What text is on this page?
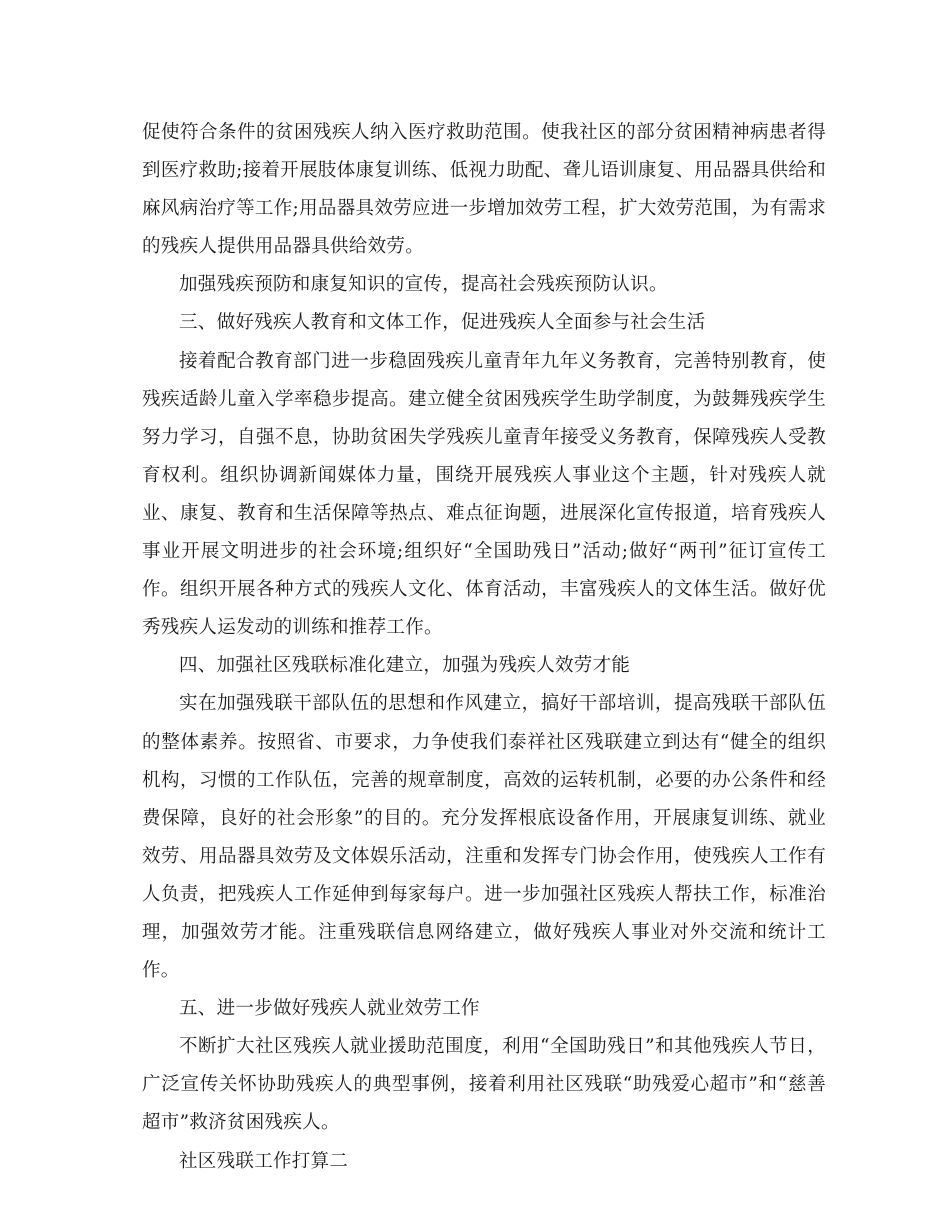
促使符合条件的贫困残疾人纳入医疗救助范围。使我社区的部分贫困精神病患者得到医疗救助;接着开展肢体康复训练、低视力助配、聋儿语训康复、用品器具供给和麻风病治疗等工作;用品器具效劳应进一步增加效劳工程，扩大效劳范围，为有需求的残疾人提供用品器具供给效劳。

加强残疾预防和康复知识的宣传，提高社会残疾预防认识。

三、做好残疾人教育和文体工作，促进残疾人全面参与社会生活

接着配合教育部门进一步稳固残疾儿童青年九年义务教育，完善特别教育，使残疾适龄儿童入学率稳步提高。建立健全贫困残疾学生助学制度，为鼓舞残疾学生努力学习，自强不息，协助贫困失学残疾儿童青年接受义务教育，保障残疾人受教育权利。组织协调新闻媒体力量，围绕开展残疾人事业这个主题，针对残疾人就业、康复、教育和生活保障等热点、难点征询题，进展深化宣传报道，培育残疾人事业开展文明进步的社会环境;组织好“全国助残日”活动;做好“两刊”征订宣传工作。组织开展各种方式的残疾人文化、体育活动，丰富残疾人的文体生活。做好优秀残疾人运发动的训练和推荐工作。

四、加强社区残联标准化建立，加强为残疾人效劳才能

实在加强残联干部队伍的思想和作风建立，搞好干部培训，提高残联干部队伍的整体素养。按照省、市要求，力争使我们泰祥社区残联建立到达有“健全的组织机构，习惯的工作队伍，完善的规章制度，高效的运转机制，必要的办公条件和经费保障，良好的社会形象”的目的。充分发挥根底设备作用，开展康复训练、就业效劳、用品器具效劳及文体娱乐活动，注重和发挥专门协会作用，使残疾人工作有人负责，把残疾人工作延伸到每家每户。进一步加强社区残疾人帮扶工作，标准治理，加强效劳才能。注重残联信息网络建立，做好残疾人事业对外交流和统计工作。

五、进一步做好残疾人就业效劳工作

不断扩大社区残疾人就业援助范围度，利用“全国助残日”和其他残疾人节日，广泛宣传关怀协助残疾人的典型事例，接着利用社区残联“助残爱心超市”和“慈善超市”救济贫困残疾人。

社区残联工作打算二
